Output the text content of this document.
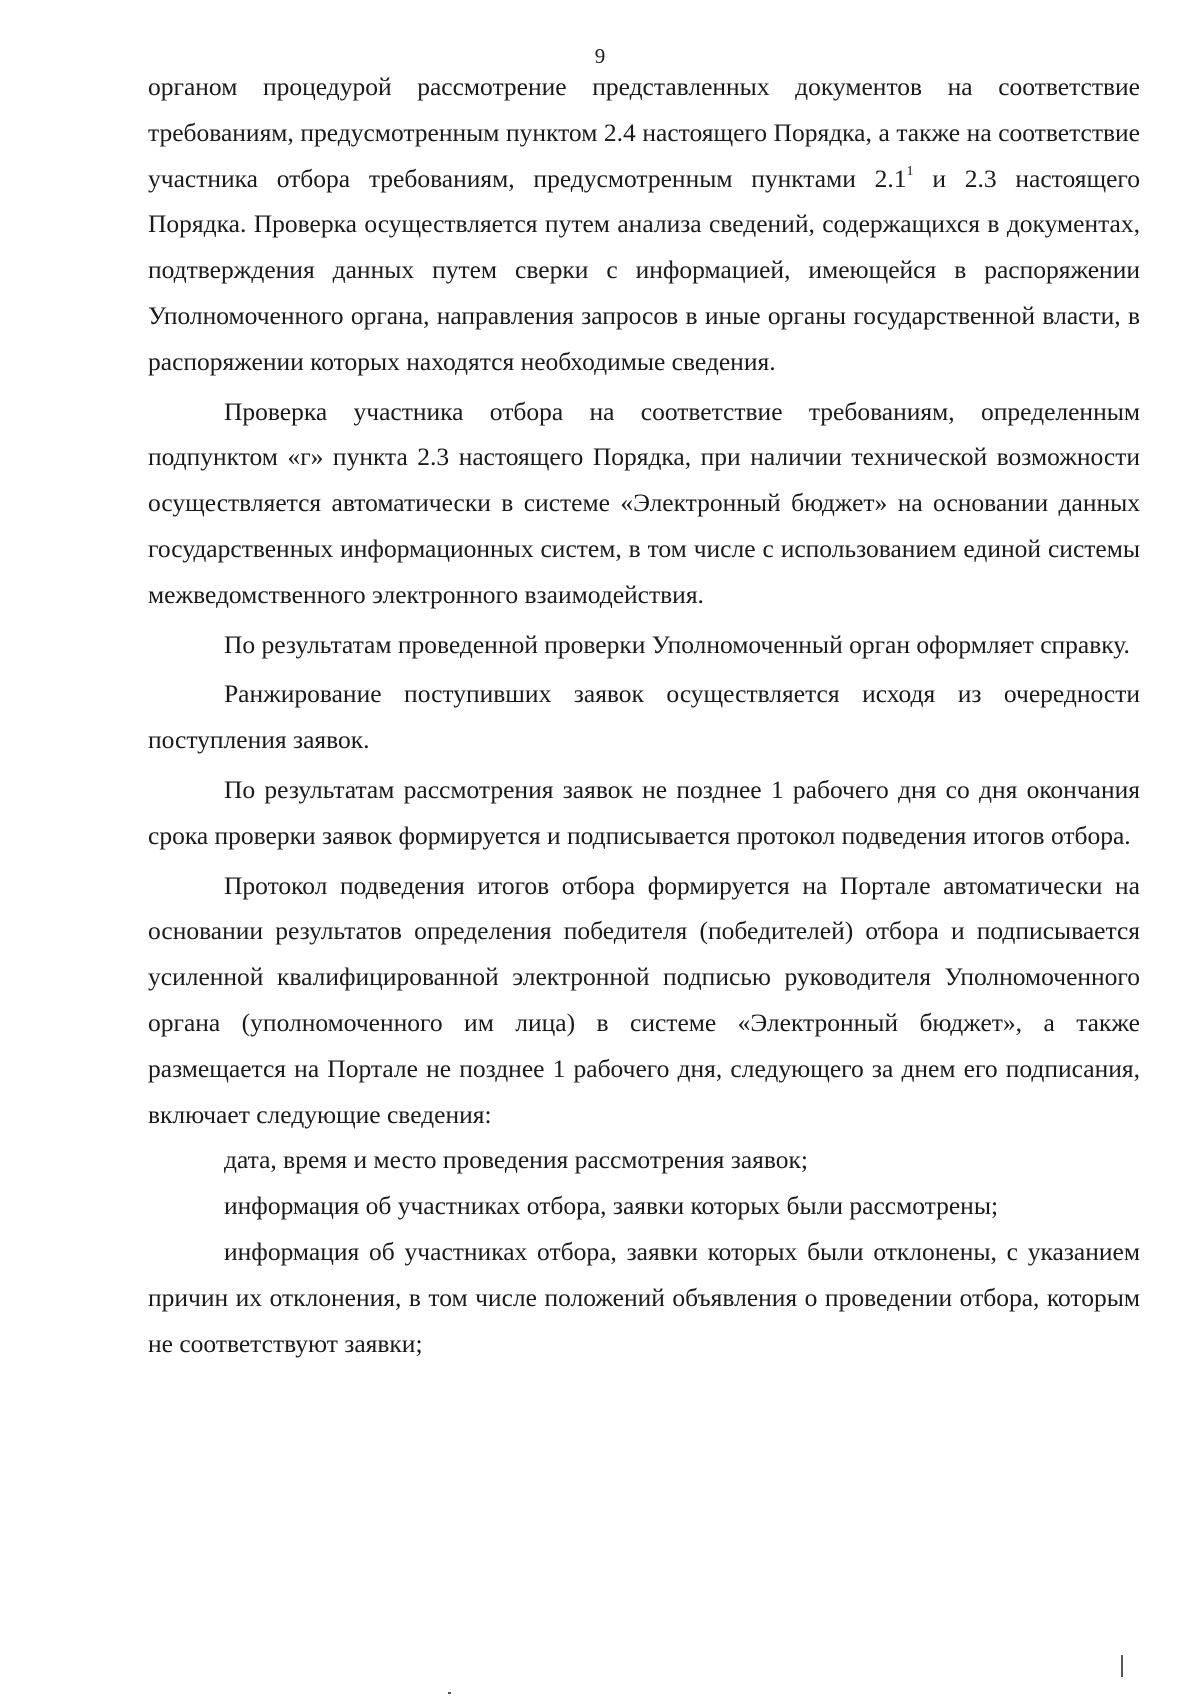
9

органом процедурой рассмотрение представленных документов на соответствие требованиям, предусмотренным пунктом 2.4 настоящего Порядка, а также на соответствие участника отбора требованиям, предусмотренным пунктами $2.1^1$ и 2.3 настоящего Порядка. Проверка осуществляется путем анализа сведений, содержащихся в документах, подтверждения данных путем сверки с информацией, имеющейся в распоряжении Уполномоченного органа, направления запросов в иные органы государственной власти, в распоряжении которых находятся необходимые сведения.

Проверка участника отбора на соответствие требованиям, определенным подпунктом «г» пункта 2.3 настоящего Порядка, при наличии технической возможности осуществляется автоматически в системе «Электронный бюджет» на основании данных государственных информационных систем, в том числе с использованием единой системы межведомственного электронного взаимодействия.

По результатам проведенной проверки Уполномоченный орган оформляет справку.

Ранжирование поступивших заявок осуществляется исходя из очередности поступления заявок.

По результатам рассмотрения заявок не позднее 1 рабочего дня со дня окончания срока проверки заявок формируется и подписывается протокол подведения итогов отбора.

Протокол подведения итогов отбора формируется на Портале автоматически на основании результатов определения победителя (победителей) отбора и подписывается усиленной квалифицированной электронной подписью руководителя Уполномоченного органа (уполномоченного им лица) в системе «Электронный бюджет», а также размещается на Портале не позднее 1 рабочего дня, следующего за днем его подписания, включает следующие сведения:

дата, время и место проведения рассмотрения заявок;

информация об участниках отбора, заявки которых были рассмотрены;

информация об участниках отбора, заявки которых были отклонены, с указанием причин их отклонения, в том числе положений объявления о проведении отбора, которым не соответствуют заявки;
